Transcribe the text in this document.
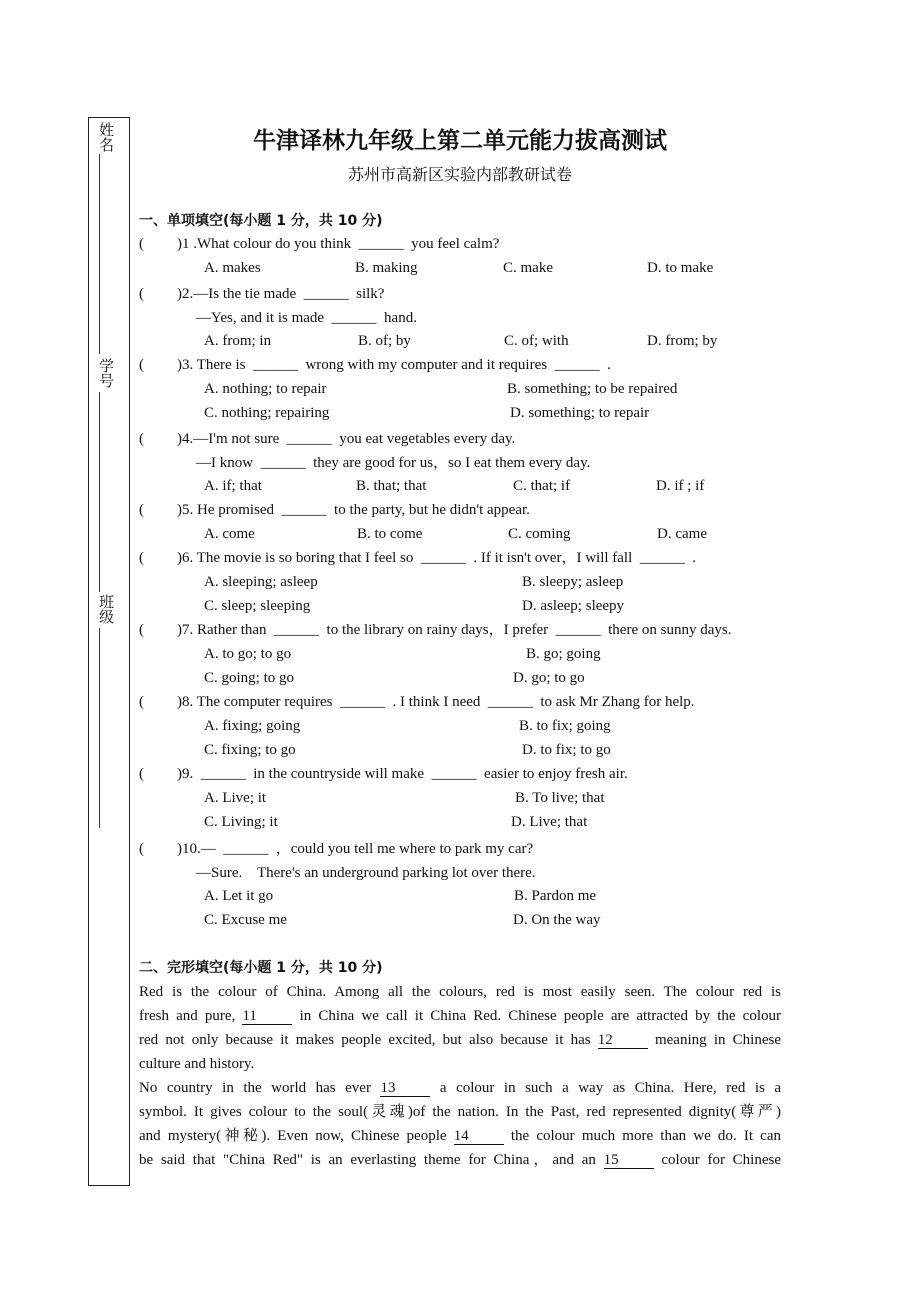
姓名
学号
班级
牛津译林九年级上第二单元能力拔高测试
苏州市高新区实验内部教研试卷
一、单项填空(每小题 1 分，共 10 分)
( )1 .What colour do you think  ______  you feel calm?
A. makes	B. making	C. make	D. to make
( )2.—Is the tie made  ______  silk?
—Yes, and it is made  ______  hand.
A. from; in	B. of; by	C. of; with	D. from; by
( )3. There is  ______  wrong with my computer and it requires  ______  .
A. nothing; to repair	B. something; to be repaired
C. nothing; repairing	D. something; to repair
( )4.—I'm not sure  ______  you eat vegetables every day.
—I know  ______  they are good for us，so I eat them every day.
A. if; that	B. that; that	C. that; if	D. if ; if
( )5. He promised  ______  to the party, but he didn't appear.
A. come	B. to come	C. coming	D. came
( )6. The movie is so boring that I feel so  ______  . If it isn't over，I will fall  ______  .
A. sleeping; asleep	B. sleepy; asleep
C. sleep; sleeping	D. asleep; sleepy
( )7. Rather than  ______  to the library on rainy days，I prefer  ______  there on sunny days.
A. to go; to go	B. go; going
C. going; to go	D. go; to go
( )8. The computer requires  ______  . I think I need  ______  to ask Mr Zhang for help.
A. fixing; going	B. to fix; going
C. fixing; to go	D. to fix; to go
( )9.  ______  in the countryside will make  ______  easier to enjoy fresh air.
A. Live; it	B. To live; that
C. Living; it	D. Live; that
( )10.—  ______  ，could you tell me where to park my car?
—Sure.    There's an underground parking lot over there.
A. Let it go	B. Pardon me
C. Excuse me	D. On the way
二、完形填空(每小题 1 分，共 10 分)
Red is the colour of China. Among all the colours, red is most easily seen. The colour red is
fresh and pure, 11 in China we call it China Red. Chinese people are attracted by the colour
red not only because it makes people excited, but also because it has 12 meaning in Chinese
culture and history.
No country in the world has ever 13 a colour in such a way as China. Here, red is a
symbol. It gives colour to the soul(灵魂)of the nation. In the Past, red represented dignity(尊严)
and mystery(神秘). Even now, Chinese people 14 the colour much more than we do. It can
be said that "China Red" is an everlasting theme for China，and an 15 colour for Chinese
